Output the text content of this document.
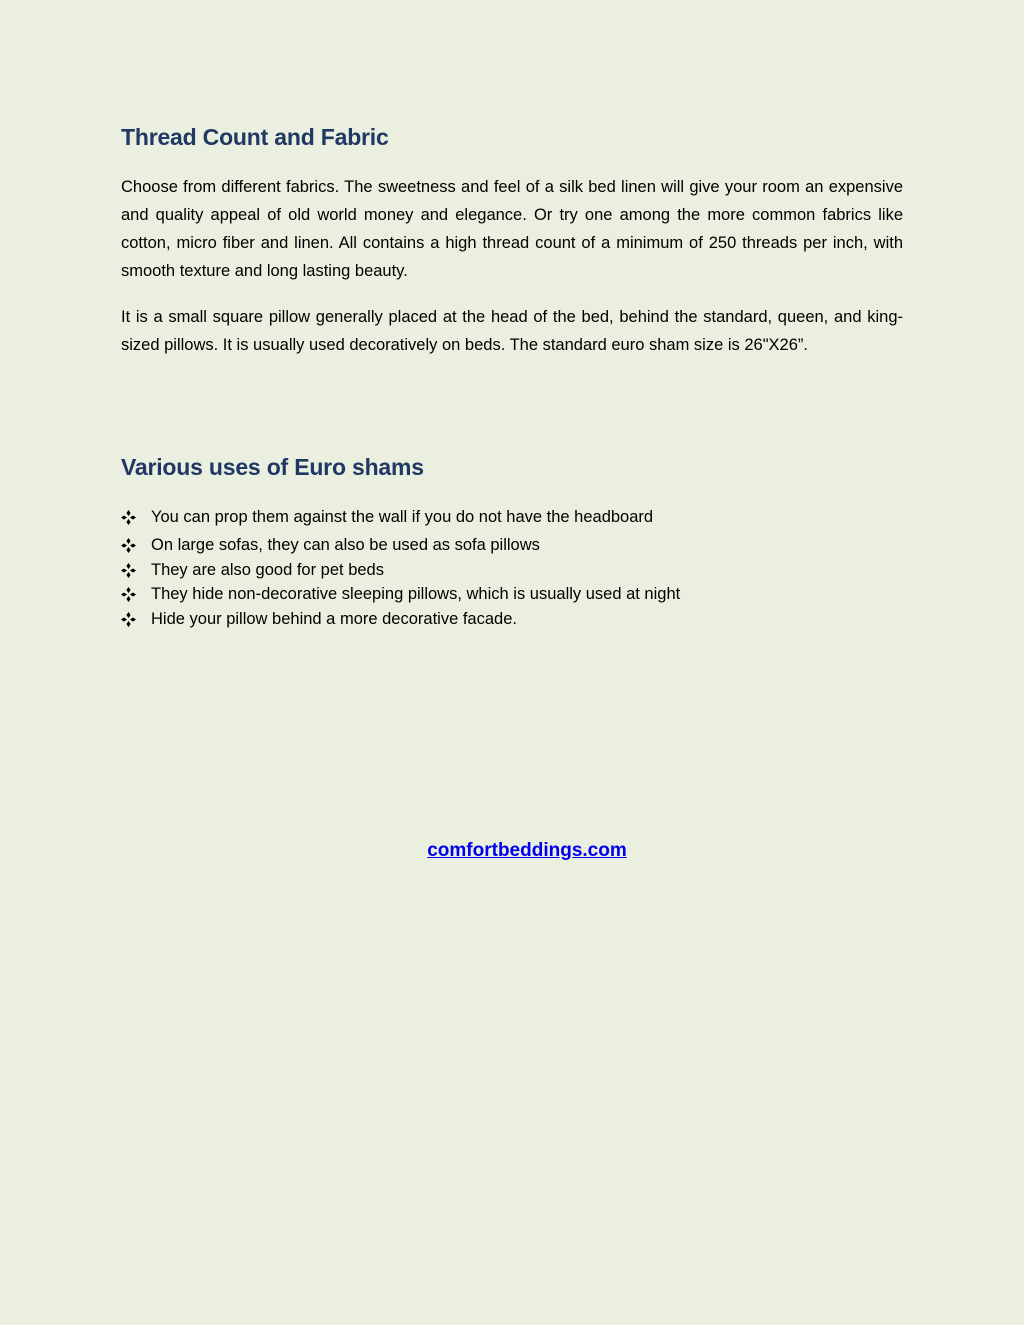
Thread Count and Fabric

Choose from different fabrics. The sweetness and feel of a silk bed linen will give your room an expensive and quality appeal of old world money and elegance. Or try one among the more common fabrics like cotton, micro fiber and linen. All contains a high thread count of a minimum of 250 threads per inch, with smooth texture and long lasting beauty.

It is a small square pillow generally placed at the head of the bed, behind the standard, queen, and king-sized pillows. It is usually used decoratively on beds. The standard euro sham size is 26"X26”.

Various uses of Euro shams
You can prop them against the wall if you do not have the headboard
On large sofas, they can also be used as sofa pillows
They are also good for pet beds
They hide non-decorative sleeping pillows, which is usually used at night
Hide your pillow behind a more decorative facade.
comfortbeddings.com
